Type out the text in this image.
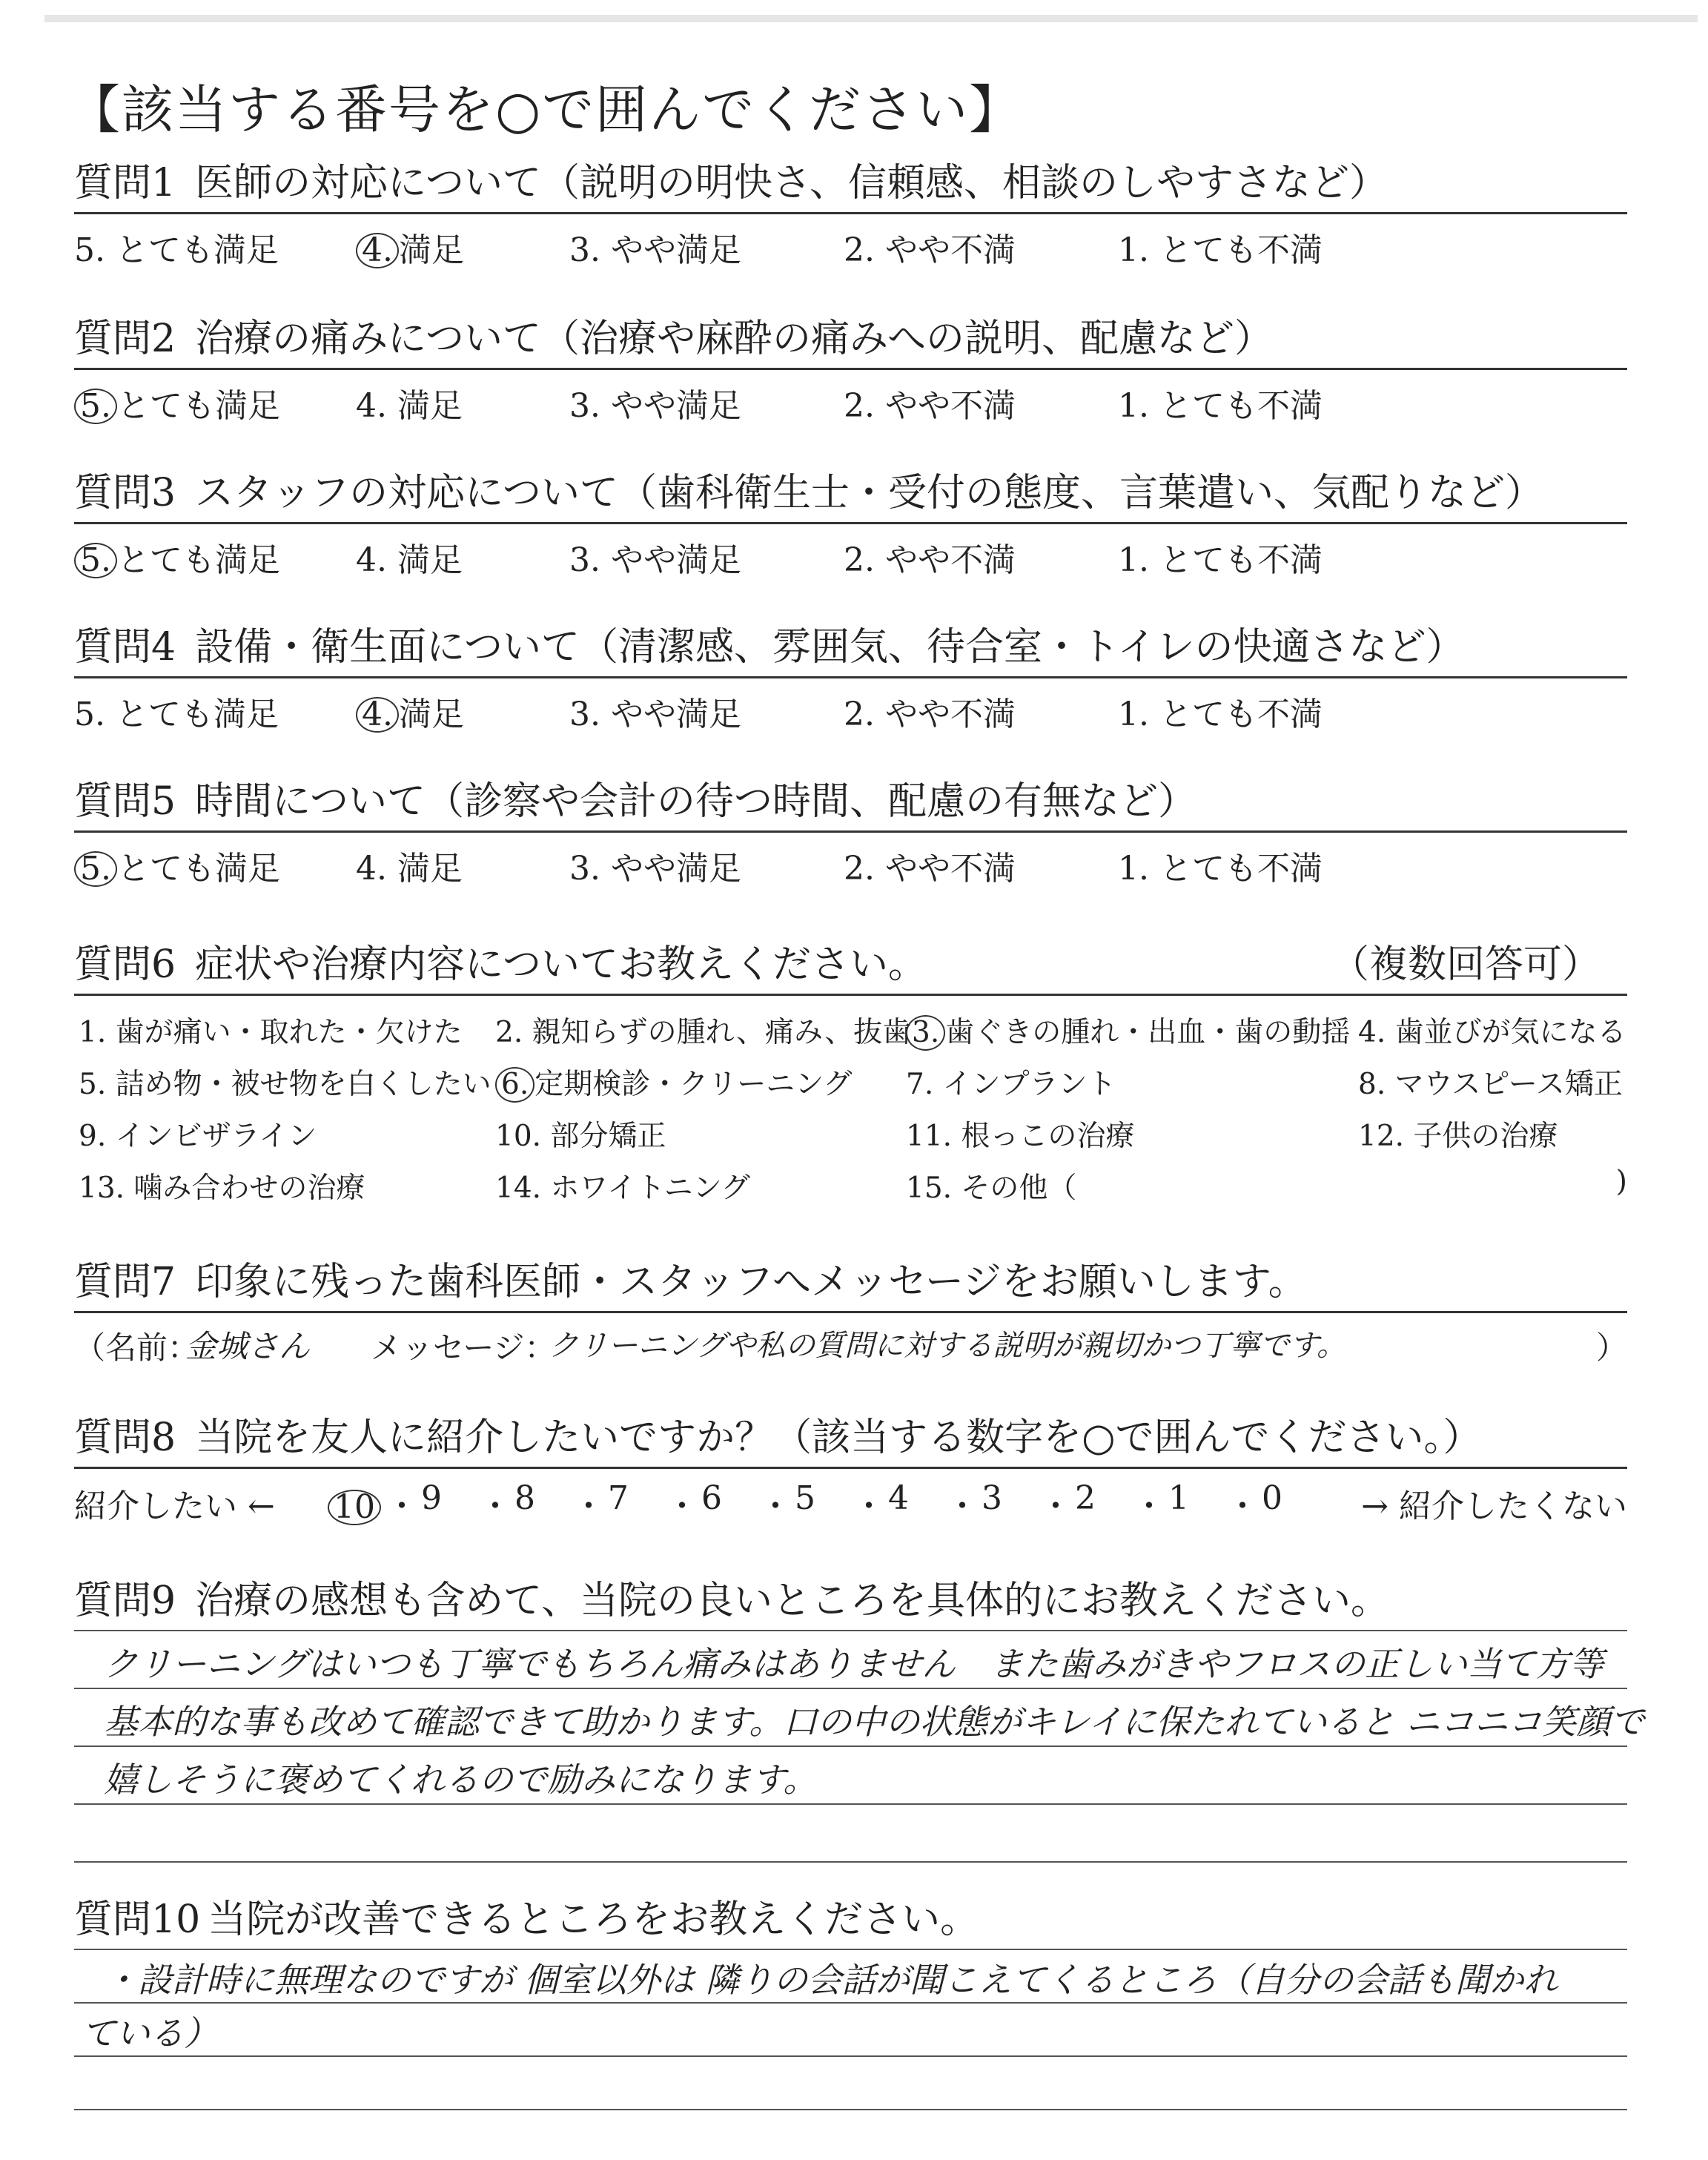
【該当する番号を○で囲んでください】
質問1 医師の対応について（説明の明快さ、信頼感、相談のしやすさなど）
5. とても満足	4. 満足	3. やや満足	2. やや不満	1. とても不満
質問2 治療の痛みについて（治療や麻酔の痛みへの説明、配慮など）
5. とても満足 4. 満足	3. やや満足	2. やや不満	1. とても不満
質問3 スタッフの対応について（歯科衛生士・受付の態度、言葉遣い、気配りなど）
5. とても満足 4. 満足	3. やや満足	2. やや不満	1. とても不満
質問4 設備・衛生面について（清潔感、雰囲気、待合室・トイレの快適さなど）
5. とても満足	4. 満足	3. やや満足	2. やや不満	1. とても不満
質問5 時間について（診察や会計の待つ時間、配慮の有無など）
5. とても満足 4. 満足	3. やや満足	2. やや不満	1. とても不満
質問6 症状や治療内容についてお教えください。	（複数回答可）
1. 歯が痛い・取れた・欠けた 2. 親知らずの腫れ、痛み、抜歯 3. 歯ぐきの腫れ・出血・歯の動揺 4. 歯並びが気になる
5. 詰め物・被せ物を白くしたい 6. 定期検診・クリーニング 7. インプラント	8. マウスピース矯正
9. インビザライン	10. 部分矯正	11. 根っこの治療	12. 子供の治療
13. 噛み合わせの治療	14. ホワイトニング	15. その他（	)
質問7 印象に残った歯科医師・スタッフへメッセージをお願いします。
（名前：
金城さん メッセージ：
クリーニングや私の質問に対する説明が親切かつ丁寧です。	）
質問8 当院を友人に紹介したいですか？（該当する数字を○で囲んでください。）
紹介したい ←	→ 紹介したくない
10 ・ 9 ・ 8 ・ 7 ・ 6 ・ 5 ・ 4 ・ 3 ・ 2 ・ 1 ・ 0
質問9 治療の感想も含めて、当院の良いところを具体的にお教えください。
クリーニングはいつも丁寧でもちろん痛みはありません　また歯みがきやフロスの正しい当て方等
基本的な事も改めて確認できて助かります。口の中の状態がキレイに保たれていると ニコニコ笑顔で
嬉しそうに褒めてくれるので励みになります。
質問10 当院が改善できるところをお教えください。
・設計時に無理なのですが 個室以外は 隣りの会話が聞こえてくるところ（自分の会話も聞かれ
ている）
